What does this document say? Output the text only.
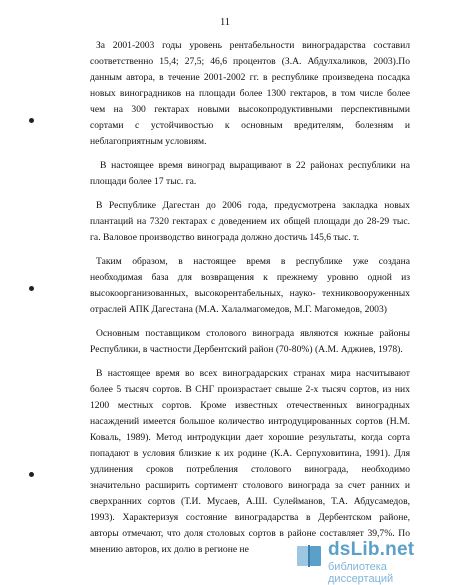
11
За 2001-2003 годы уровень рентабельности виноградарства составил
соответственно 15,4; 27,5; 46,6 процентов (З.А. Абдулхаликов, 2003).По
данным автора, в течение 2001-2002 гг. в республике произведена посадка
новых виноградников на площади более 1300 гектаров, в том числе более
чем на 300 гектарах новыми высокопродуктивными перспективными
сортами с устойчивостью к основным вредителям, болезням и
неблагоприятным условиям.
В настоящее время виноград выращивают в 22 районах республики на
площади более 17 тыс. га.
В Республике Дагестан до 2006 года, предусмотрена закладка новых
плантаций на 7320 гектарах с доведением их общей площади до 28-29 тыс.
га. Валовое производство винограда должно достичь 145,6 тыс. т.
Таким образом, в настоящее время в республике уже создана
необходимая база для возвращения к прежнему уровню одной из
высокоорганизованных, высокорентабельных, науко- техниковооруженных
отраслей АПК Дагестана (М.А. Халалмагомедов, М.Г. Магомедов, 2003)
Основным поставщиком столового винограда являются южные районы
Республики, в частности Дербентский район (70-80%) (А.М. Аджиев, 1978).
В настоящее время во всех виноградарских странах мира насчитывают
более 5 тысяч сортов. В СНГ произрастает свыше 2-х тысяч сортов, из них
1200 местных сортов. Кроме известных отечественных виноградных
насаждений имеется большое количество интродуцированных сортов (Н.М.
Коваль, 1989). Метод интродукции дает хорошие результаты, когда сорта
попадают в условия близкие к их родине (К.А. Серпуховитина, 1991). Для
удлинения сроков потребления столового винограда, необходимо
значительно расширить сортимент столового винограда за счет ранних и
сверхранних сортов (Т.И. Мусаев, А.Ш. Сулейманов, Т.А. Абдусамедов,
1993). Характеризуя состояние виноградарства в Дербентском районе,
авторы отмечают, что доля столовых сортов в районе составляет 39,7%. По
мнению авторов, их долю в регионе не	dsLib.net
библиотека диссертаций
